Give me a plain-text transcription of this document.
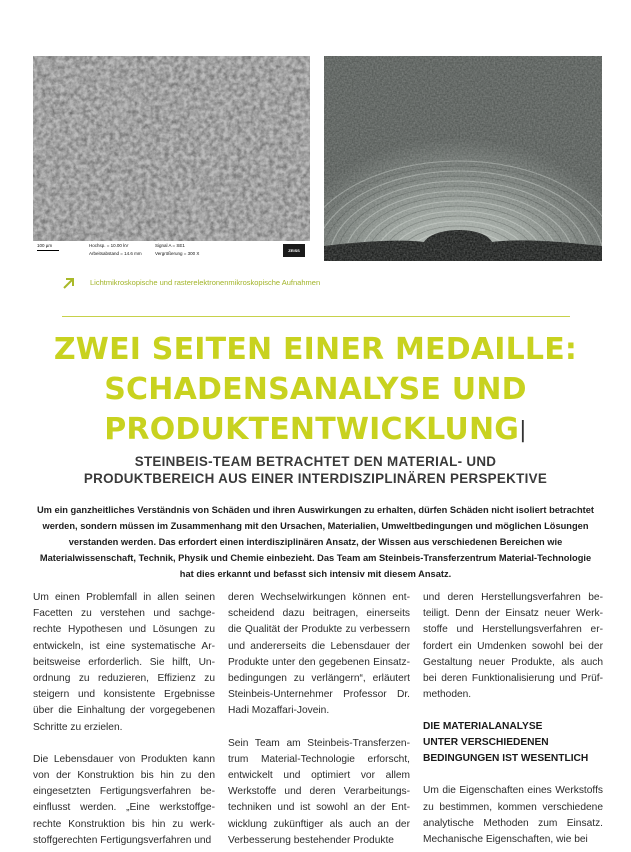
100 µm	Hochsp. = 10.00 kV
Arbeitsabstand = 14.6 mm
Signal A = SE1
Vergrößerung = 300 X
ZEISS
Lichtmikroskopische und rasterelektronenmikroskopische Aufnahmen
ZWEI SEITEN EINER MEDAILLE:
SCHADENSANALYSE UND
PRODUKTENTWICKLUNG|
STEINBEIS-TEAM BETRACHTET DEN MATERIAL- UND
PRODUKTBEREICH AUS EINER INTERDISZIPLINÄREN PERSPEKTIVE

Um ein ganzheitliches Verständnis von Schäden und ihren Auswirkungen zu erhalten, dürfen Schäden nicht isoliert betrachtet werden, sondern müssen im Zusammenhang mit den Ursachen, Materialien, Umweltbedingungen und möglichen Lösungen verstanden werden. Das erfordert einen interdisziplinären Ansatz, der Wissen aus verschiedenen Bereichen wie Materialwissenschaft, Technik, Physik und Chemie einbezieht. Das Team am Steinbeis-Transferzentrum Material-Technologie hat dies erkannt und befasst sich intensiv mit diesem Ansatz.

Um einen Problemfall in allen seinen Facetten zu verstehen und sachgerechte Hypothesen und Lösungen zu entwickeln, ist eine systematische Arbeitsweise erforderlich. Sie hilft, Unordnung zu reduzieren, Effizienz zu steigern und konsistente Ergebnisse über die Einhaltung der vorgegebenen Schritte zu erzielen.

Die Lebensdauer von Produkten kann von der Konstruktion bis hin zu den eingesetzten Fertigungsverfahren beeinflusst werden. „Eine werkstoffgerechte Konstruktion bis hin zu werkstoffgerechten Fertigungsverfahren und

deren Wechselwirkungen können entscheidend dazu beitragen, einerseits die Qualität der Produkte zu verbessern und andererseits die Lebensdauer der Produkte unter den gegebenen Einsatzbedingungen zu verlängern“, erläutert Steinbeis-Unternehmer Professor Dr. Hadi Mozaffari-Jovein.

Sein Team am Steinbeis-Transferzentrum Material-Technologie erforscht, entwickelt und optimiert vor allem Werkstoffe und deren Verarbeitungstechniken und ist sowohl an der Entwicklung zukünftiger als auch an der Verbesserung bestehender Produkte

und deren Herstellungsverfahren beteiligt. Denn der Einsatz neuer Werkstoffe und Herstellungsverfahren erfordert ein Umdenken sowohl bei der Gestaltung neuer Produkte, als auch bei deren Funktionalisierung und Prüfmethoden.

DIE MATERIALANALYSE
UNTER VERSCHIEDENEN
BEDINGUNGEN IST WESENTLICH

Um die Eigenschaften eines Werkstoffs zu bestimmen, kommen verschiedene analytische Methoden zum Einsatz. Mechanische Eigenschaften, wie bei
